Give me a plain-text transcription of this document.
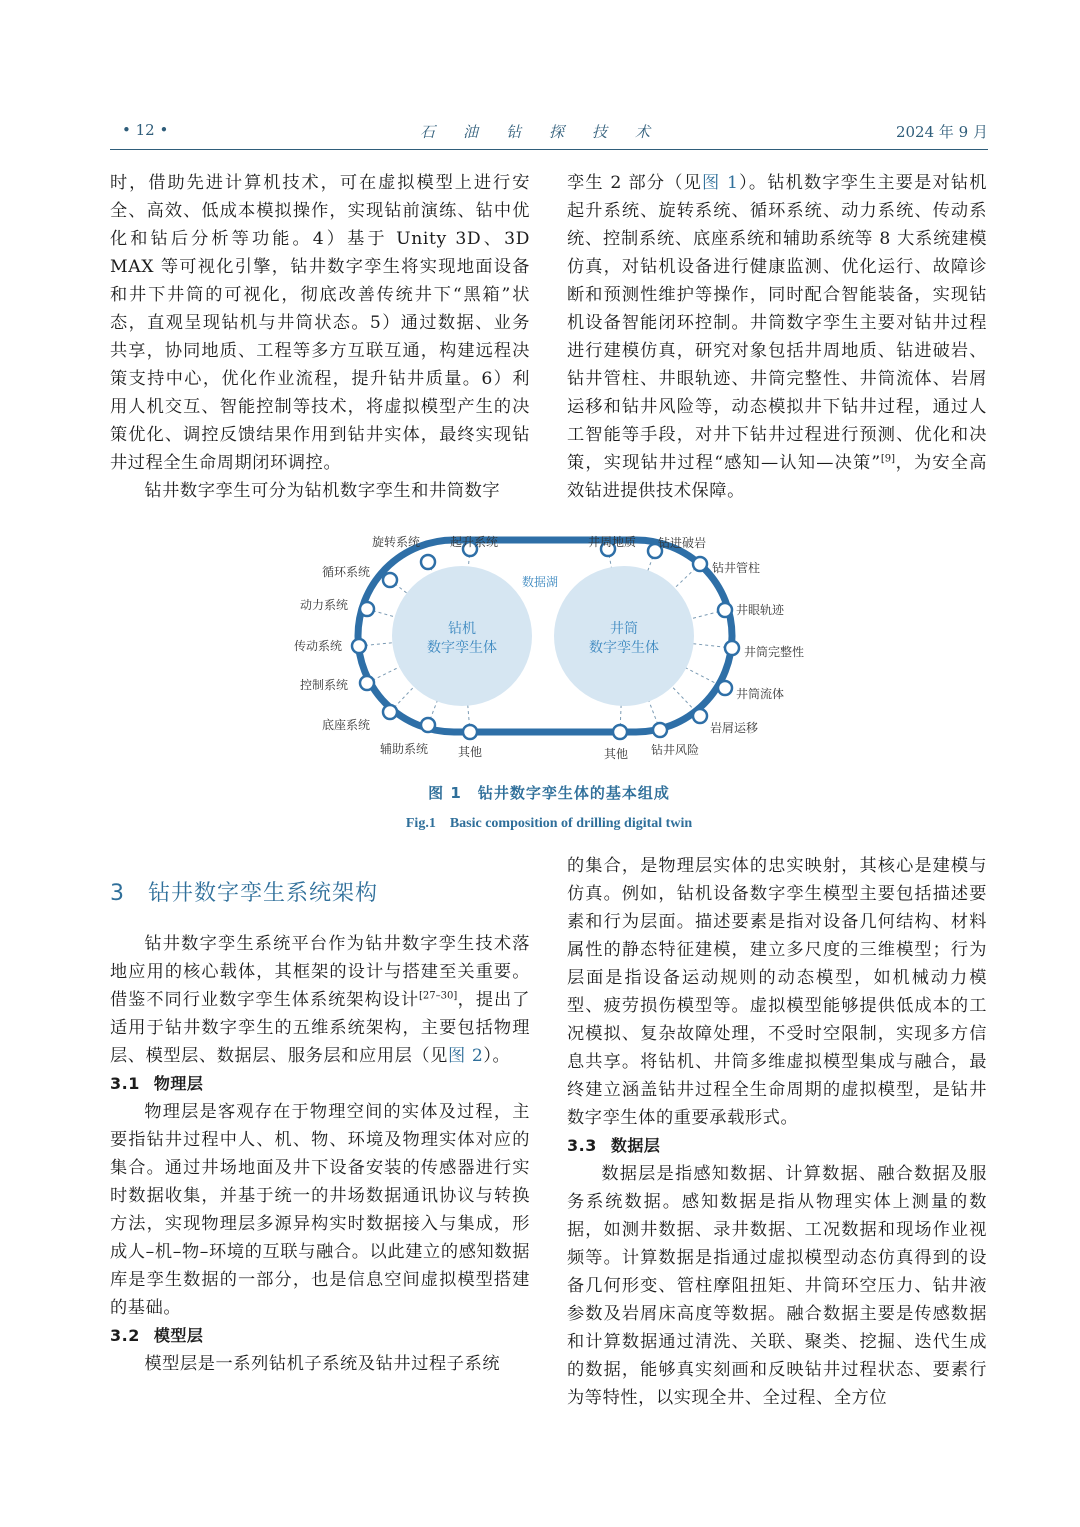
• 12 •	石油钻探技术	2024 年 9 月

时，借助先进计算机技术，可在虚拟模型上进行安全、高效、低成本模拟操作，实现钻前演练、钻中优化和钻后分析等功能。4）基于 Unity 3D、3D MAX 等可视化引擎，钻井数字孪生将实现地面设备和井下井筒的可视化，彻底改善传统井下“黑箱”状态，直观呈现钻机与井筒状态。5）通过数据、业务共享，协同地质、工程等多方互联互通，构建远程决策支持中心，优化作业流程，提升钻井质量。6）利用人机交互、智能控制等技术，将虚拟模型产生的决策优化、调控反馈结果作用到钻井实体，最终实现钻井过程全生命周期闭环调控。

钻井数字孪生可分为钻机数字孪生和井筒数字

孪生 2 部分（见图 1）。钻机数字孪生主要是对钻机起升系统、旋转系统、循环系统、动力系统、传动系统、控制系统、底座系统和辅助系统等 8 大系统建模仿真，对钻机设备进行健康监测、优化运行、故障诊断和预测性维护等操作，同时配合智能装备，实现钻机设备智能闭环控制。井筒数字孪生主要对钻井过程进行建模仿真，研究对象包括井周地质、钻进破岩、钻井管柱、井眼轨迹、井筒完整性、井筒流体、岩屑运移和钻井风险等，动态模拟井下钻井过程，通过人工智能等手段，对井下钻井过程进行预测、优化和决策，实现钻井过程“感知—认知—决策”[9]，为安全高效钻进提供技术保障。

钻机
数字孪生体
井筒
数字孪生体
数据湖
旋转系统 起升系统
循环系统
动力系统
传动系统
控制系统
底座系统
辅助系统 其他
井周地质 钻进破岩
钻井管柱
井眼轨迹
井筒完整性
井筒流体
岩屑运移
其他 钻井风险
图 1　钻井数字孪生体的基本组成
Fig.1　Basic composition of drilling digital twin

3　钻井数字孪生系统架构

钻井数字孪生系统平台作为钻井数字孪生技术落地应用的核心载体，其框架的设计与搭建至关重要。借鉴不同行业数字孪生体系统架构设计[27–30]，提出了适用于钻井数字孪生的五维系统架构，主要包括物理层、模型层、数据层、服务层和应用层（见图 2）。

3.1 物理层

物理层是客观存在于物理空间的实体及过程，主要指钻井过程中人、机、物、环境及物理实体对应的集合。通过井场地面及井下设备安装的传感器进行实时数据收集，并基于统一的井场数据通讯协议与转换方法，实现物理层多源异构实时数据接入与集成，形成人–机–物–环境的互联与融合。以此建立的感知数据库是孪生数据的一部分，也是信息空间虚拟模型搭建的基础。

3.2 模型层

模型层是一系列钻机子系统及钻井过程子系统

的集合，是物理层实体的忠实映射，其核心是建模与仿真。例如，钻机设备数字孪生模型主要包括描述要素和行为层面。描述要素是指对设备几何结构、材料属性的静态特征建模，建立多尺度的三维模型；行为层面是指设备运动规则的动态模型，如机械动力模型、疲劳损伤模型等。虚拟模型能够提供低成本的工况模拟、复杂故障处理，不受时空限制，实现多方信息共享。将钻机、井筒多维虚拟模型集成与融合，最终建立涵盖钻井过程全生命周期的虚拟模型，是钻井数字孪生体的重要承载形式。

3.3 数据层

数据层是指感知数据、计算数据、融合数据及服务系统数据。感知数据是指从物理实体上测量的数据，如测井数据、录井数据、工况数据和现场作业视频等。计算数据是指通过虚拟模型动态仿真得到的设备几何形变、管柱摩阻扭矩、井筒环空压力、钻井液参数及岩屑床高度等数据。融合数据主要是传感数据和计算数据通过清洗、关联、聚类、挖掘、迭代生成的数据，能够真实刻画和反映钻井过程状态、要素行为等特性，以实现全井、全过程、全方位
